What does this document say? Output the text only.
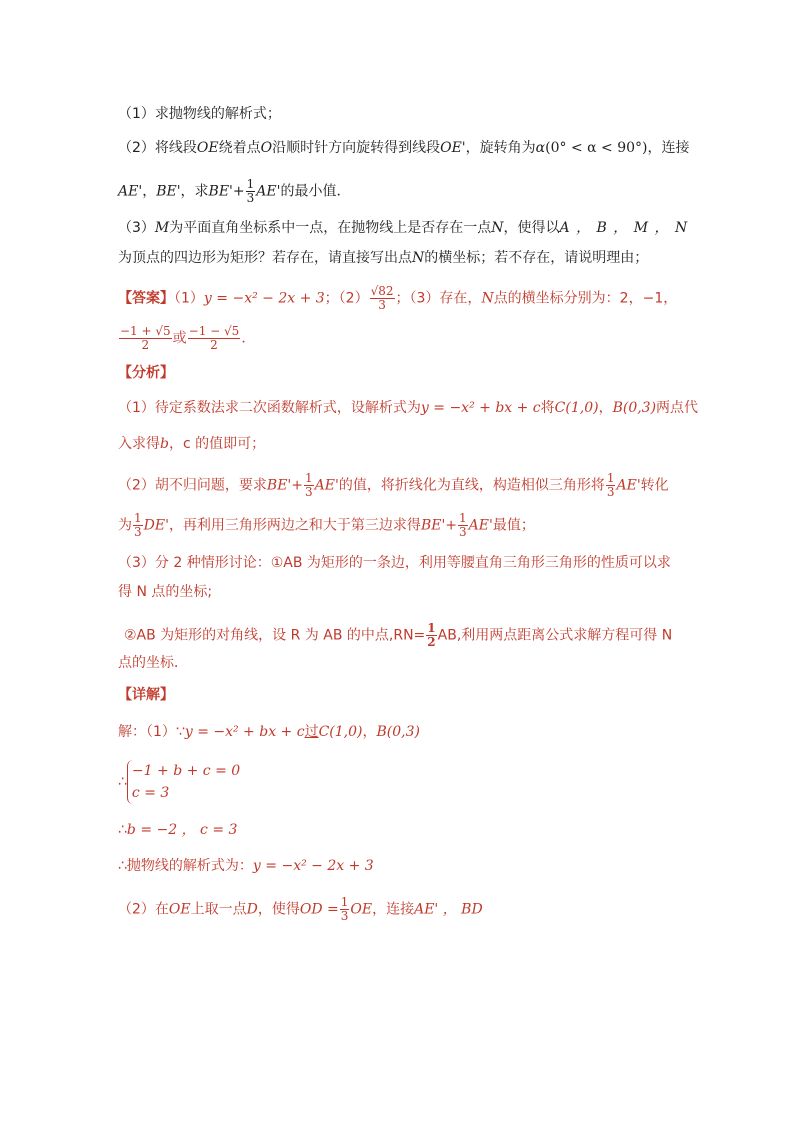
（1）求抛物线的解析式；
（2）将线段OE绕着点O沿顺时针方向旋转得到线段OE'，旋转角为α(0° < α < 90°)，连接
AE'，BE'，求$BE'+ \frac{1}{3} AE'$的最小值．
（3）M为平面直角坐标系中一点，在抛物线上是否存在一点N，使得以A ， B ， M ， N
为顶点的四边形为矩形？若存在，请直接写出点N的横坐标；若不存在，请说明理由；
【答案】（1）y = −x² − 2x + 3；$(2) \frac{√82}{3}$ ；（3）存在，N点的横坐标分别为：2，−1，
$\frac{-1 + √5}{2}$ 或 $\frac{-1 - √5}{2}$ ．
【分析】
（1）待定系数法求二次函数解析式，设解析式为y = −x² + bx + c将C(1,0)，B(0,3)两点代
入求得b，c 的值即可；
（2）胡不归问题，要求$BE'+ \frac{1}{3} AE'$的值，将折线化为直线，构造相似三角形将 $\frac{1}{3} AE'$转化
为 $\frac{1}{3} DE'$，再利用三角形两边之和大于第三边求得$BE'+ \frac{1}{3} AE'$最值；
（3）分 2 种情形讨论：①AB 为矩形的一条边，利用等腰直角三角形三角形的性质可以求
得 N 点的坐标;
②AB 为矩形的对角线，设 R 为 AB 的中点$,RN= \frac{1}{2}$ AB,利用两点距离公式求解方程可得 N
点的坐标．
【详解】
解：（1）∵y = −x² + bx + c过C(1,0)，B(0,3)
∴
−1 + b + c = 0
c = 3
∴b = −2 ， c = 3
∴抛物线的解析式为：y = −x² − 2x + 3
（2）在OE上取一点D，使得OD = $\frac{1}{3}$ OE，连接AE' ， BD
